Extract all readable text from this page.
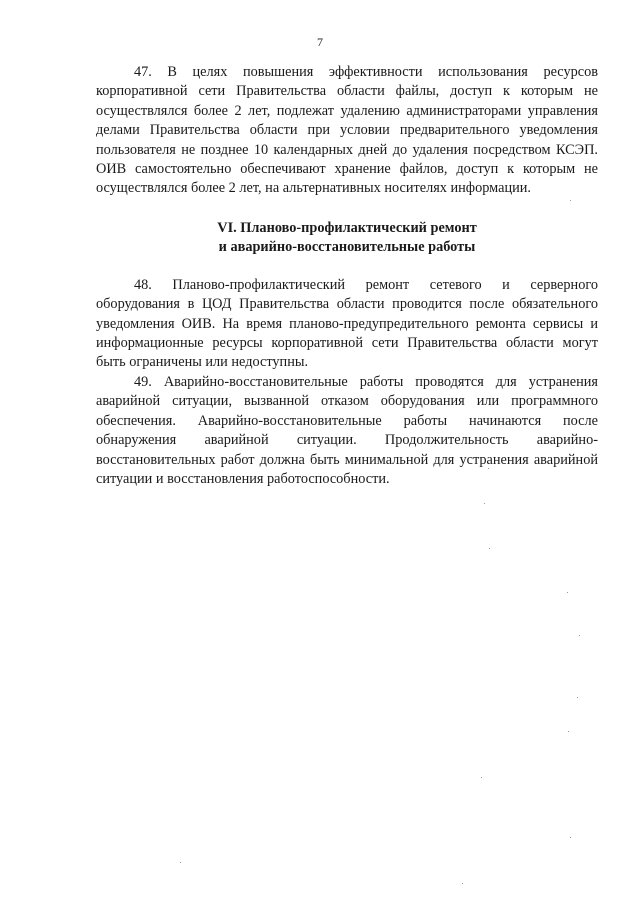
7

47. В целях повышения эффективности использования ресурсов корпоративной сети Правительства области файлы, доступ к которым не осуществлялся более 2 лет, подлежат удалению администраторами управления делами Правительства области при условии предварительного уведомления пользователя не позднее 10 календарных дней до удаления посредством КСЭП. ОИВ самостоятельно обеспечивают хранение файлов, доступ к которым не осуществлялся более 2 лет, на альтернативных носителях информации.

VI. Планово-профилактический ремонт
и аварийно-восстановительные работы

48. Планово-профилактический ремонт сетевого и серверного оборудования в ЦОД Правительства области проводится после обязательного уведомления ОИВ. На время планово-предупредительного ремонта сервисы и информационные ресурсы корпоративной сети Правительства области могут быть ограничены или недоступны.

49. Аварийно-восстановительные работы проводятся для устранения аварийной ситуации, вызванной отказом оборудования или программного обеспечения. Аварийно-восстановительные работы начинаются после обнаружения аварийной ситуации. Продолжительность аварийно-восстановительных работ должна быть минимальной для устранения аварийной ситуации и восстановления работоспособности.
